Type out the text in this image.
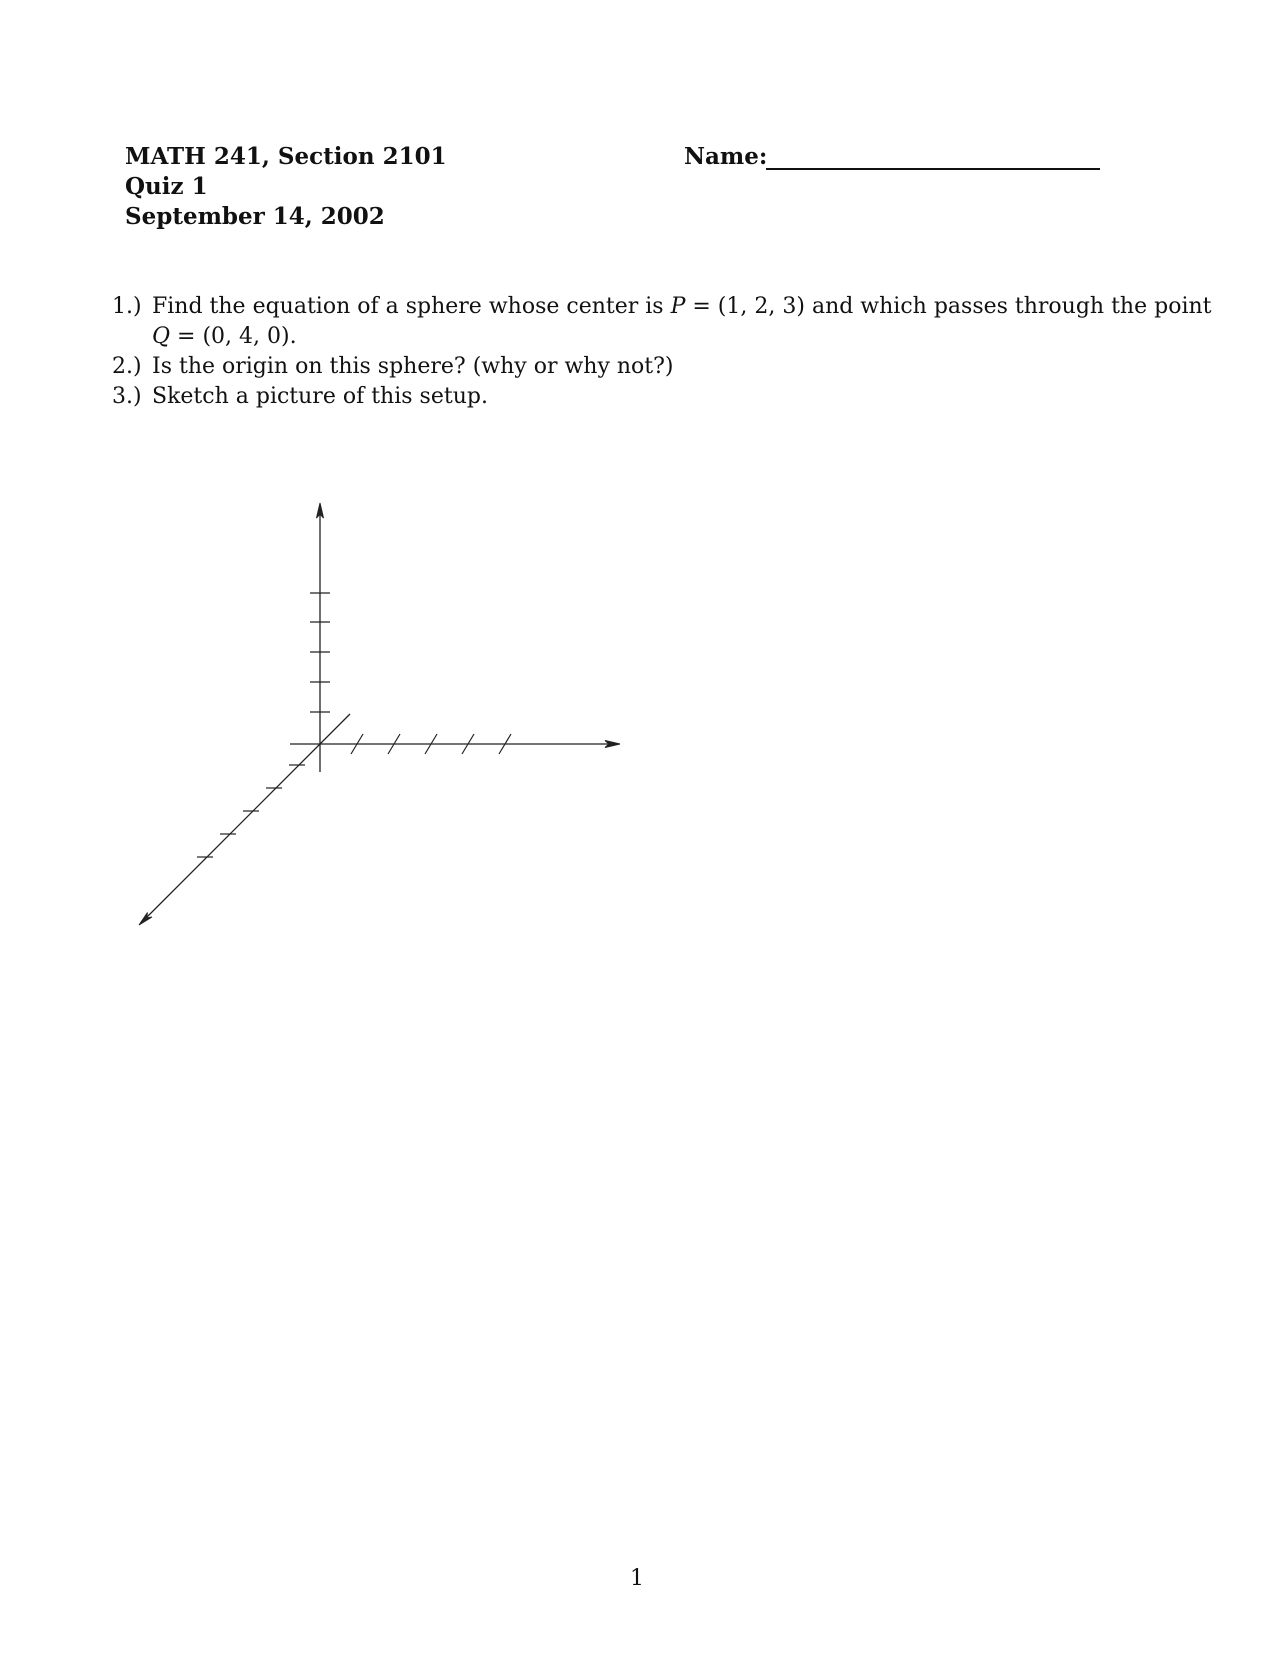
MATH 241, Section 2101
Quiz 1
September 14, 2002
Name:
1.) Find the equation of a sphere whose center is P = (1, 2, 3) and which passes through the point
Q = (0, 4, 0).
2.) Is the origin on this sphere? (why or why not?)
3.) Sketch a picture of this setup.
1
